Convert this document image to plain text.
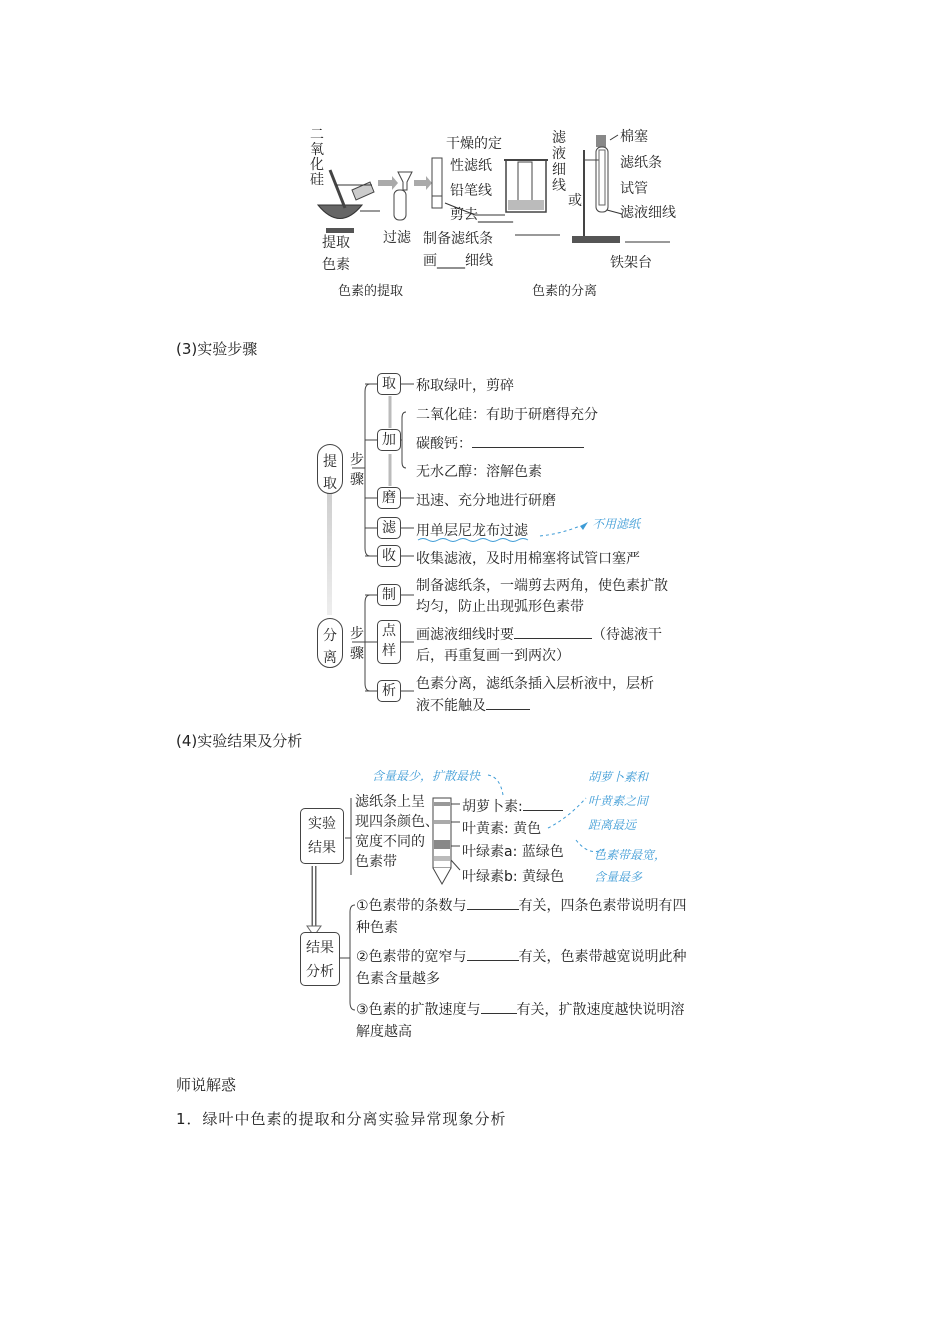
二
氧
化
硅
提取
色素
过滤
干燥的定
性滤纸
铅笔线
剪去_____
制备滤纸条
画____细线
滤
液
细
线
或
棉塞
滤纸条
试管
滤液细线
铁架台
色素的提取	色素的分离
(3)实验步骤
提
取
步
骤
分
离
步
骤
取	称取绿叶，剪碎
加
二氧化硅：有助于研磨得充分
碳酸钙：
无水乙醇：溶解色素
磨	迅速、充分地进行研磨
滤	用单层尼龙布过滤	不用滤纸
收	收集滤液，及时用棉塞将试管口塞严
制
制备滤纸条，一端剪去两角，使色素扩散
均匀，防止出现弧形色素带
点
样
画滤液细线时要	（待滤液干
后，再重复画一到两次）
析	色素分离，滤纸条插入层析液中，层析
液不能触及
(4)实验结果及分析
实验
结果
滤纸条上呈
现四条颜色、
宽度不同的
色素带
胡萝卜素:
叶黄素: 黄色
叶绿素a: 蓝绿色
叶绿素b: 黄绿色
含量最少，扩散最快	胡萝卜素和
叶黄素之间
距离最远
色素带最宽，
含量最多
结果
分析
①色素带的条数与	有关，四条色素带说明有四
种色素
②色素带的宽窄与	有关，色素带越宽说明此种
色素含量越多
③色素的扩散速度与	有关，扩散速度越快说明溶
解度越高
师说解惑
1．绿叶中色素的提取和分离实验异常现象分析
